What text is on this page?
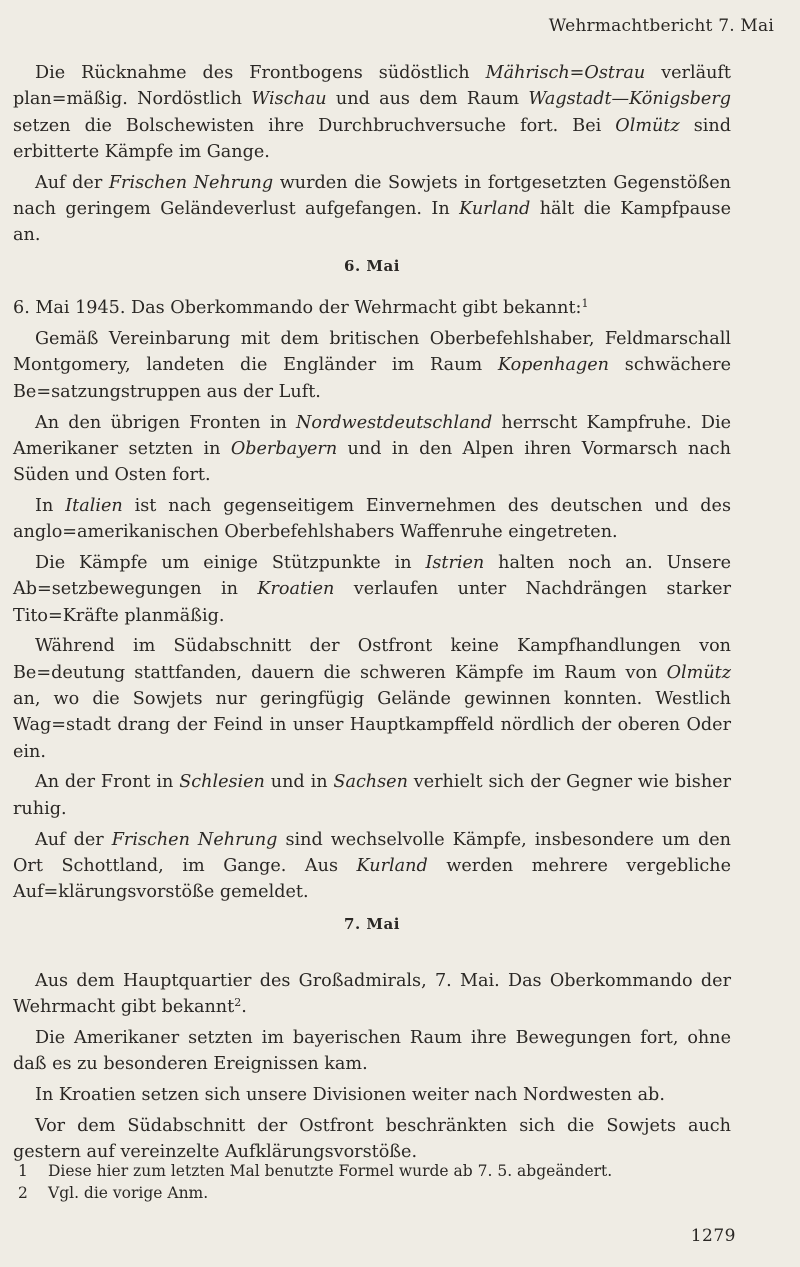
Wehrmachtbericht 7. Mai

Die Rücknahme des Frontbogens südöstlich Mährisch=Ostrau verläuft plan=mäßig. Nordöstlich Wischau und aus dem Raum Wagstadt—Königsberg setzen die Bolschewisten ihre Durchbruchversuche fort. Bei Olmütz sind erbitterte Kämpfe im Gange.

Auf der Frischen Nehrung wurden die Sowjets in fortgesetzten Gegenstößen nach geringem Geländeverlust aufgefangen. In Kurland hält die Kampfpause an.

6. Mai

6. Mai 1945. Das Oberkommando der Wehrmacht gibt bekannt:$^1$

Gemäß Vereinbarung mit dem britischen Oberbefehlshaber, Feldmarschall Montgomery, landeten die Engländer im Raum Kopenhagen schwächere Be=satzungstruppen aus der Luft.

An den übrigen Fronten in Nordwestdeutschland herrscht Kampfruhe. Die Amerikaner setzten in Oberbayern und in den Alpen ihren Vormarsch nach Süden und Osten fort.

In Italien ist nach gegenseitigem Einvernehmen des deutschen und des anglo=amerikanischen Oberbefehlshabers Waffenruhe eingetreten.

Die Kämpfe um einige Stützpunkte in Istrien halten noch an. Unsere Ab=setzbewegungen in Kroatien verlaufen unter Nachdrängen starker Tito=Kräfte planmäßig.

Während im Südabschnitt der Ostfront keine Kampfhandlungen von Be=deutung stattfanden, dauern die schweren Kämpfe im Raum von Olmütz an, wo die Sowjets nur geringfügig Gelände gewinnen konnten. Westlich Wag=stadt drang der Feind in unser Hauptkampffeld nördlich der oberen Oder ein.

An der Front in Schlesien und in Sachsen verhielt sich der Gegner wie bisher ruhig.

Auf der Frischen Nehrung sind wechselvolle Kämpfe, insbesondere um den Ort Schottland, im Gange. Aus Kurland werden mehrere vergebliche Auf=klärungsvorstöße gemeldet.

7. Mai

Aus dem Hauptquartier des Großadmirals, 7. Mai. Das Oberkommando der Wehrmacht gibt bekannt$^2$.

Die Amerikaner setzten im bayerischen Raum ihre Bewegungen fort, ohne daß es zu besonderen Ereignissen kam.

In Kroatien setzen sich unsere Divisionen weiter nach Nordwesten ab.

Vor dem Südabschnitt der Ostfront beschränkten sich die Sowjets auch gestern auf vereinzelte Aufklärungsvorstöße.

1	Diese hier zum letzten Mal benutzte Formel wurde ab 7. 5. abgeändert.
2	Vgl. die vorige Anm.
1279
